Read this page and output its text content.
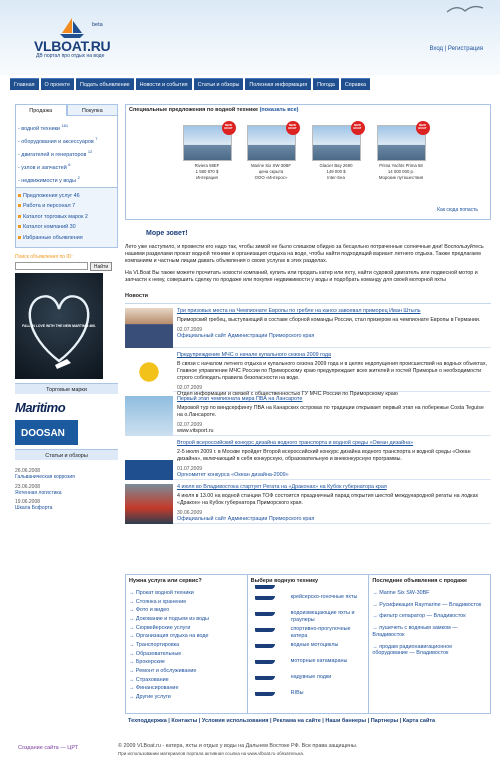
beta
VLBOAT.RU
ДВ портал про отдых на воде
Вход | Регистрация
Главная	О проекте	Подать объявление	Новости и события	Статьи и обзоры	Полезная информация	Погода	Справка
Продажа	Покупка
- водной техники $^{181}$
- оборудования и аксессуаров $^7$
- двигателей и генераторов $^{12}$
- узлов и запчастей $^6$
- недвижимости у воды $^2$
Предложения услуг 46
Работа и персонал 7
Каталог торговых марок 2
Каталог компаний 30
Избранные объявления
Поиск объявления по ID:
Найти
FALL IN LOVE WITH THE NEW MARTIMO 460.
Торговые марки
Maritimo
DOOSAN
Статьи и обзоры
26.06.2008
Гальваническая коррозия
23.06.2008
Яхтенная логистика
19.06.2008
Шкала Бофорта
Специальные предложения по водной технике (показать все)
NEW BOAT
Riviera 58EF
1 580 870 $
Интерация
NEW BOAT
Marine Six SW-30BF
цена скрыта
ООО «Интерос»
NEW BOAT
Glacier Bay 2690
149 000 $
Inter-Sea
NEW BOAT
Prima Yachts Prima 58
14 000 000 р.
Морские путешествия
Как сюда попасть
Море зовет!
Лето уже наступило, и провести его надо так, чтобы зимой не было слишком обидно за бесцельно потраченные солнечные дни! Воспользуйтесь нашими разделами прокат водной техники и организация отдыха на воде, чтобы найти подходящий вариант летнего отдыха. Также предлагаем компаниям и частным лицам давать объявления о своих услугах в этих разделах.
На VLBoat Вы также можете прочитать новости компаний, купить или продать катер или яхту, найти судовой двигатель или подвесной мотор и запчасти к нему, совершить сделку по продаже или покупке недвижимости у воды и подобрать команду для своей моторной яхты
Новости
Три призовых места на Чемпионате Европы по гребле на каноэ завоевал приморец Иван Штыль
Приморский гребец, выступающий в составе сборной команды России, стал призером на чемпионате Европы в Германии.
02.07.2009
Официальный сайт Администрации Приморского края
Предупреждение МЧС о начале купального сезона 2009 года
В связи с началом летнего отдыха и купального сезона 2009 года и в целях недопущения происшествий на водных объектах, Главное управление МЧС России по Приморскому краю предупреждает всех жителей и гостей Приморья о необходимости строго соблюдать правила безопасности на воде.
02.07.2009
Отдел информации и связей с общественностью ГУ МЧС России по Приморскому краю
Первый этап чемпионата мира ПВА на Лансароте
Мировой тур по виндсерфингу ПВА на Канарских островах по традиции открывает первый этап на побережье Costa Teguise на о.Лансароте.
02.07.2009
www.vitsport.ru
Второй всероссийский конкурс дизайна водного транспорта и водной среды «Океан дизайна»
2-5 июля 2009 г. в Москве пройдет Второй всероссийский конкурс дизайна водного транспорта и водной среды «Океан дизайна», включающий в себя конкурсную, образовательную и внеконкурсную программы.
01.07.2009
Оргкомитет конкурса «Океан дизайна-2009»
4 июля во Владивостока стартует Регата на «Драконах» на Кубок губернатора края
4 июля в 13.00 на водной станции ТОФ состоится праздничный парад открытия шестой международной регаты на лодках «Дракон» на Кубок губернатора Приморского края.
30.06.2009
Официальный сайт Администрации Приморского края
Нужна услуга или сервис?
→ Прокат водной техники
→ Стоянка и хранение
→ Фото и видео
→ Докование и подъем из воды
→ Сюрвейерские услуги
→ Организация отдыха на воде
→ Транспортировка
→ Образовательные
→ Брокерские
→ Ремонт и обслуживание
→ Страхование
→ Финансирование
→ Другие услуги
Выбери водную технику
крейсерско-гоночные яхты
водоизмещающие яхты и траулеры
спортивно-прогулочные катера
водные мотоциклы
моторные катамараны
надувные лодки
RIBы
Последние объявления с продаже
→ Marine Six SW-30BF
→ Русификация Raymarine — Владивосток
→ фильтр сепаратор — Владивосток
→ пушечеть с водяным замком — Владивосток
→ продам радионавигационное оборудование — Владивосток
Техподдержка | Контакты | Условия использования | Реклама на сайте | Наши баннеры | Партнеры | Карта сайта
Создание сайта — ЦРТ	© 2009 VLBoat.ru - катера, яхты и отдых у воды на Дальнем Востоке РФ. Все права защищены.
При использовании материалов портала активная ссылка на www.vlboat.ru обязательна.
